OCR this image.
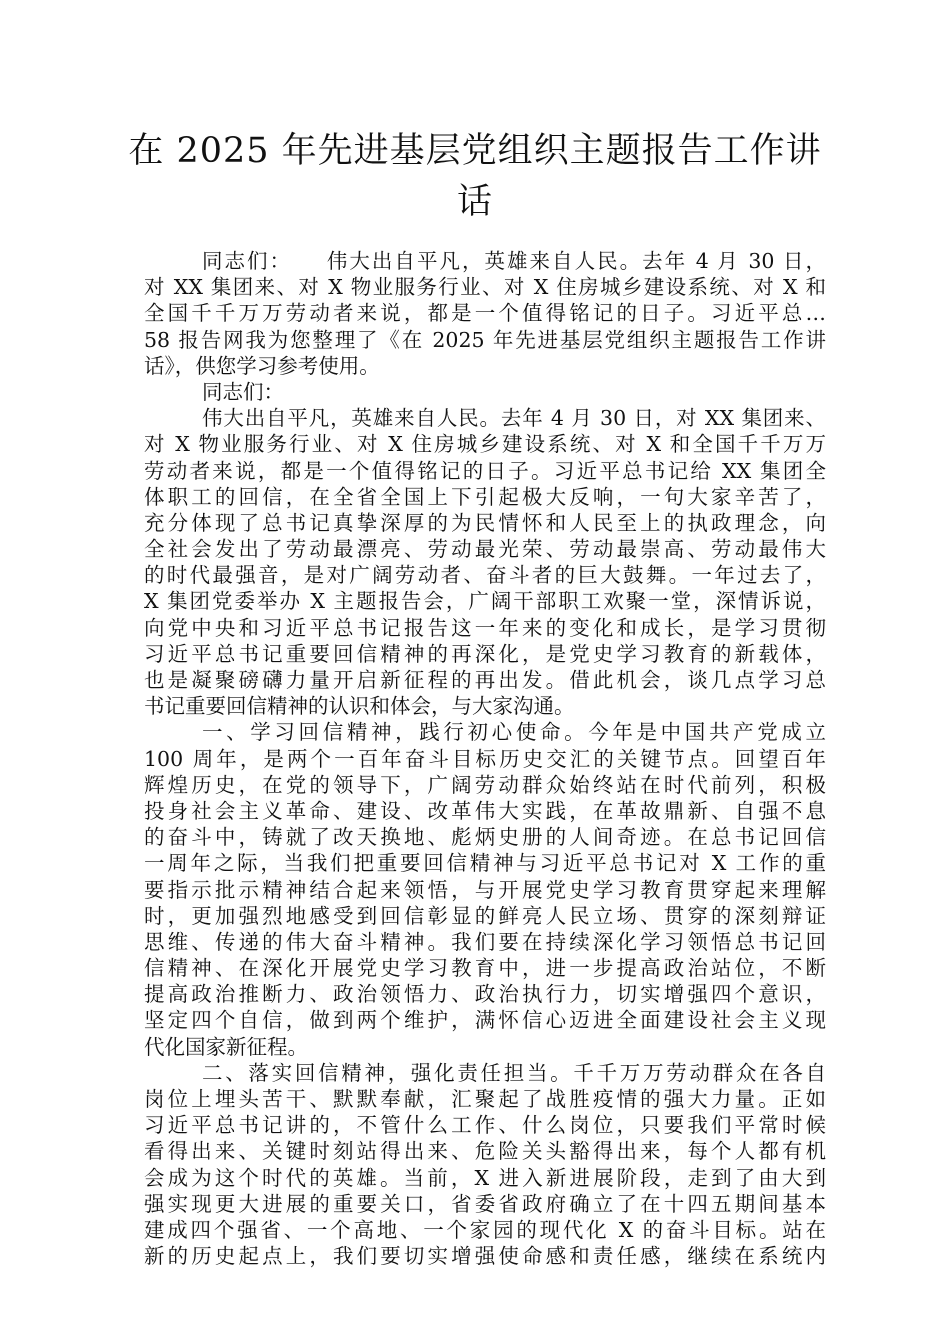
在 2025 年先进基层党组织主题报告工作讲
话
同志们：　　伟大出自平凡，英雄来自人民。去年 4 月 30 日，
对 XX 集团来、对 X 物业服务行业、对 X 住房城乡建设系统、对 X 和
全国千千万万劳动者来说，都是一个值得铭记的日子。习近平总…
58 报告网我为您整理了《在 2025 年先进基层党组织主题报告工作讲
话》，供您学习参考使用。
同志们：
伟大出自平凡，英雄来自人民。去年 4 月 30 日，对 XX 集团来、
对 X 物业服务行业、对 X 住房城乡建设系统、对 X 和全国千千万万
劳动者来说，都是一个值得铭记的日子。习近平总书记给 XX 集团全
体职工的回信，在全省全国上下引起极大反响，一句大家辛苦了，
充分体现了总书记真挚深厚的为民情怀和人民至上的执政理念，向
全社会发出了劳动最漂亮、劳动最光荣、劳动最崇高、劳动最伟大
的时代最强音，是对广阔劳动者、奋斗者的巨大鼓舞。一年过去了，
X 集团党委举办 X 主题报告会，广阔干部职工欢聚一堂，深情诉说，
向党中央和习近平总书记报告这一年来的变化和成长，是学习贯彻
习近平总书记重要回信精神的再深化，是党史学习教育的新载体，
也是凝聚磅礴力量开启新征程的再出发。借此机会，谈几点学习总
书记重要回信精神的认识和体会，与大家沟通。
一、学习回信精神，践行初心使命。今年是中国共产党成立
100 周年，是两个一百年奋斗目标历史交汇的关键节点。回望百年
辉煌历史，在党的领导下，广阔劳动群众始终站在时代前列，积极
投身社会主义革命、建设、改革伟大实践，在革故鼎新、自强不息
的奋斗中，铸就了改天换地、彪炳史册的人间奇迹。在总书记回信
一周年之际，当我们把重要回信精神与习近平总书记对 X 工作的重
要指示批示精神结合起来领悟，与开展党史学习教育贯穿起来理解
时，更加强烈地感受到回信彰显的鲜亮人民立场、贯穿的深刻辩证
思维、传递的伟大奋斗精神。我们要在持续深化学习领悟总书记回
信精神、在深化开展党史学习教育中，进一步提高政治站位，不断
提高政治推断力、政治领悟力、政治执行力，切实增强四个意识，
坚定四个自信，做到两个维护，满怀信心迈进全面建设社会主义现
代化国家新征程。
二、落实回信精神，强化责任担当。千千万万劳动群众在各自
岗位上埋头苦干、默默奉献，汇聚起了战胜疫情的强大力量。正如
习近平总书记讲的，不管什么工作、什么岗位，只要我们平常时候
看得出来、关键时刻站得出来、危险关头豁得出来，每个人都有机
会成为这个时代的英雄。当前，X 进入新进展阶段，走到了由大到
强实现更大进展的重要关口，省委省政府确立了在十四五期间基本
建成四个强省、一个高地、一个家园的现代化 X 的奋斗目标。站在
新的历史起点上，我们要切实增强使命感和责任感，继续在系统内
